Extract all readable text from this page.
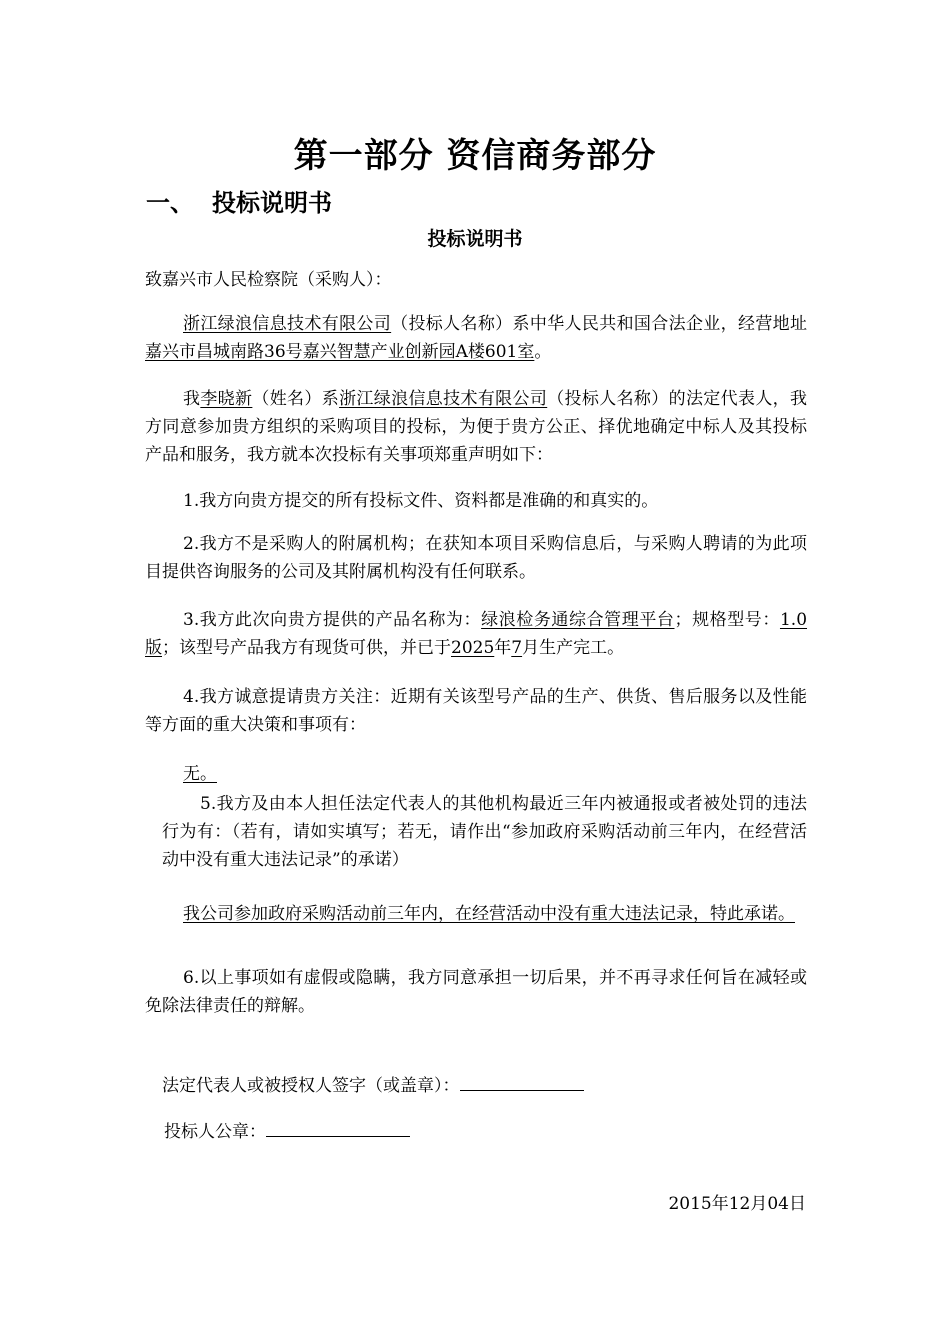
第一部分 资信商务部分
一、 投标说明书
投标说明书
致嘉兴市人民检察院（采购人）：
浙江绿浪信息技术有限公司（投标人名称）系中华人民共和国合法企业，经营地址嘉兴市昌城南路36号嘉兴智慧产业创新园A楼601室。
我李晓新（姓名）系浙江绿浪信息技术有限公司（投标人名称）的法定代表人，我方同意参加贵方组织的采购项目的投标，为便于贵方公正、择优地确定中标人及其投标产品和服务，我方就本次投标有关事项郑重声明如下：
1.我方向贵方提交的所有投标文件、资料都是准确的和真实的。
2.我方不是采购人的附属机构；在获知本项目采购信息后，与采购人聘请的为此项目提供咨询服务的公司及其附属机构没有任何联系。
3.我方此次向贵方提供的产品名称为：绿浪检务通综合管理平台；规格型号：1.0版；该型号产品我方有现货可供，并已于2025年7月生产完工。
4.我方诚意提请贵方关注：近期有关该型号产品的生产、供货、售后服务以及性能等方面的重大决策和事项有：
无。
5.我方及由本人担任法定代表人的其他机构最近三年内被通报或者被处罚的违法行为有：（若有，请如实填写；若无，请作出“参加政府采购活动前三年内，在经营活动中没有重大违法记录”的承诺）
我公司参加政府采购活动前三年内，在经营活动中没有重大违法记录，特此承诺。
6.以上事项如有虚假或隐瞒，我方同意承担一切后果，并不再寻求任何旨在减轻或免除法律责任的辩解。
法定代表人或被授权人签字（或盖章）：
投标人公章：
2015年12月04日
